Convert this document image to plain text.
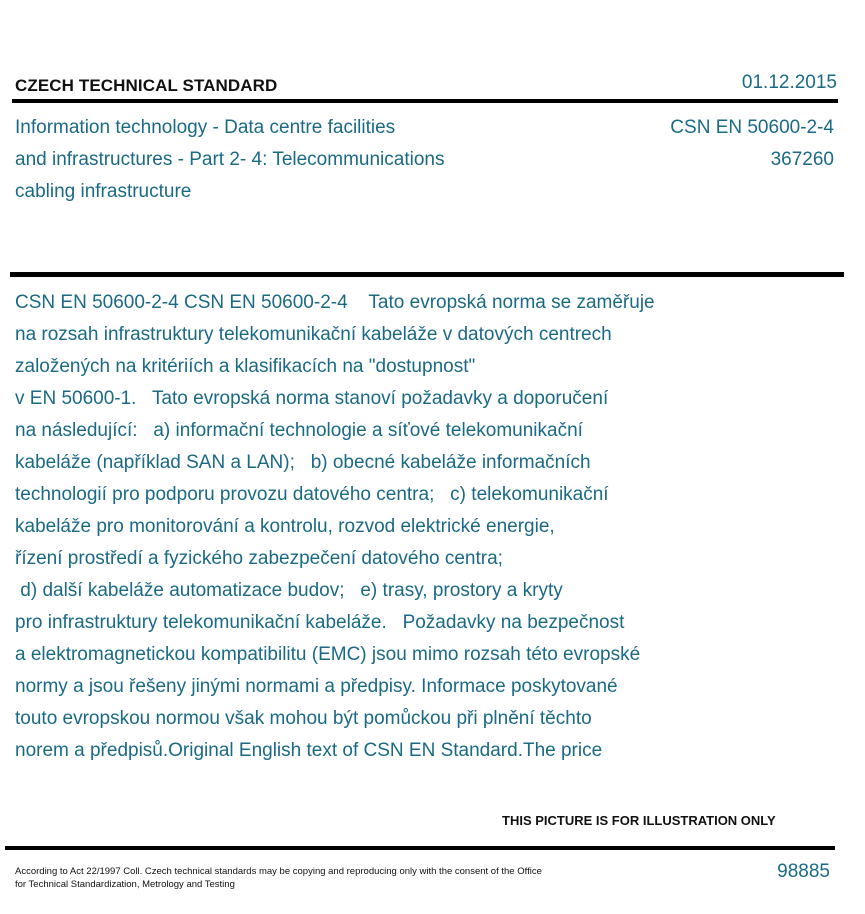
CZECH TECHNICAL STANDARD	01.12.2015
Information technology - Data centre facilities
and infrastructures - Part 2- 4: Telecommunications
cabling infrastructure
CSN EN 50600-2-4
367260
CSN EN 50600-2-4 CSN EN 50600-2-4    Tato evropská norma se zaměřuje
na rozsah infrastruktury telekomunikační kabeláže v datových centrech
založených na kritériích a klasifikacích na "dostupnost"
v EN 50600-1.   Tato evropská norma stanoví požadavky a doporučení
na následující:   a) informační technologie a síťové telekomunikační
kabeláže (například SAN a LAN);   b) obecné kabeláže informačních
technologií pro podporu provozu datového centra;   c) telekomunikační
kabeláže pro monitorování a kontrolu, rozvod elektrické energie,
řízení prostředí a fyzického zabezpečení datového centra;
d) další kabeláže automatizace budov;   e) trasy, prostory a kryty
pro infrastruktury telekomunikační kabeláže.   Požadavky na bezpečnost
a elektromagnetickou kompatibilitu (EMC) jsou mimo rozsah této evropské
normy a jsou řešeny jinými normami a předpisy. Informace poskytované
touto evropskou normou však mohou být pomůckou při plnění těchto
norem a předpisů.Original English text of CSN EN Standard.The price
THIS PICTURE IS FOR ILLUSTRATION ONLY
According to Act 22/1997 Coll. Czech technical standards may be copying and reproducing only with the consent of the Office
for Technical Standardization, Metrology and Testing
98885
